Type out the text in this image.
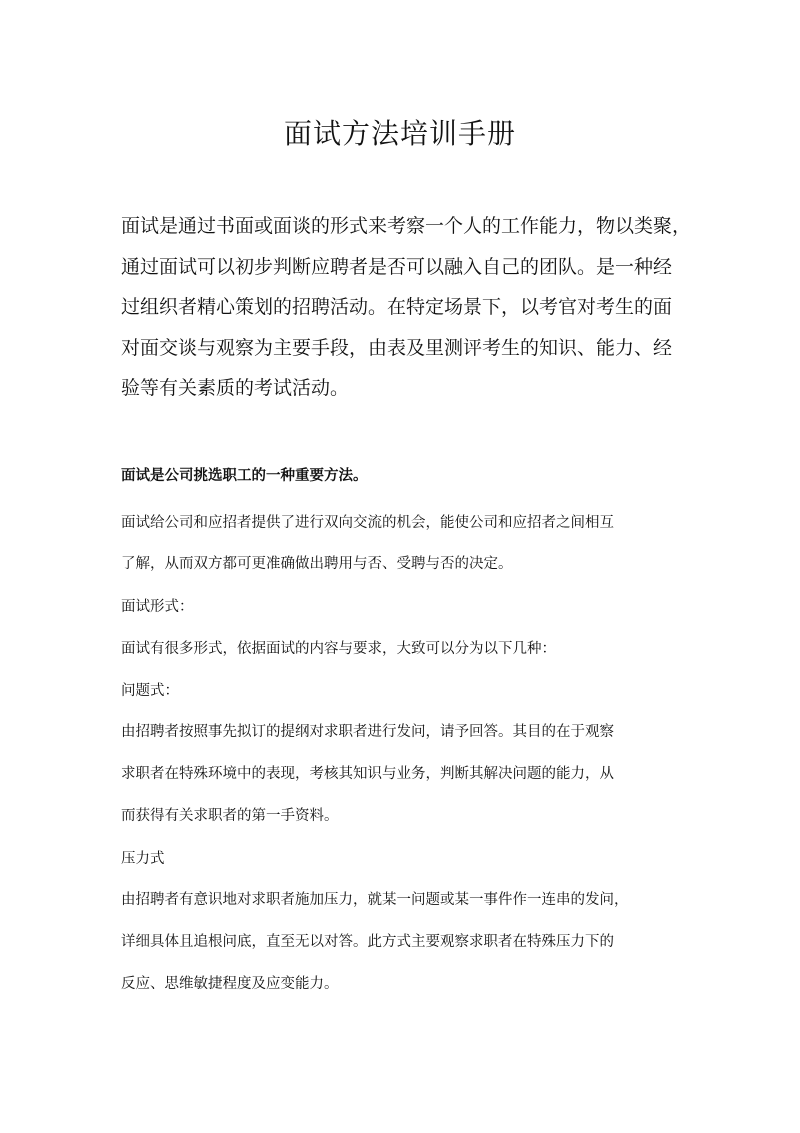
面试方法培训手册

面试是通过书面或面谈的形式来考察一个人的工作能力，物以类聚，
通过面试可以初步判断应聘者是否可以融入自己的团队。是一种经
过组织者精心策划的招聘活动。在特定场景下，以考官对考生的面
对面交谈与观察为主要手段，由表及里测评考生的知识、能力、经
验等有关素质的考试活动。

面试是公司挑选职工的一种重要方法。

面试给公司和应招者提供了进行双向交流的机会，能使公司和应招者之间相互

了解，从而双方都可更准确做出聘用与否、受聘与否的决定。

面试形式：

面试有很多形式，依据面试的内容与要求，大致可以分为以下几种：

问题式：

由招聘者按照事先拟订的提纲对求职者进行发问，请予回答。其目的在于观察

求职者在特殊环境中的表现，考核其知识与业务，判断其解决问题的能力，从

而获得有关求职者的第一手资料。

压力式

由招聘者有意识地对求职者施加压力，就某一问题或某一事件作一连串的发问，

详细具体且追根问底，直至无以对答。此方式主要观察求职者在特殊压力下的

反应、思维敏捷程度及应变能力。
